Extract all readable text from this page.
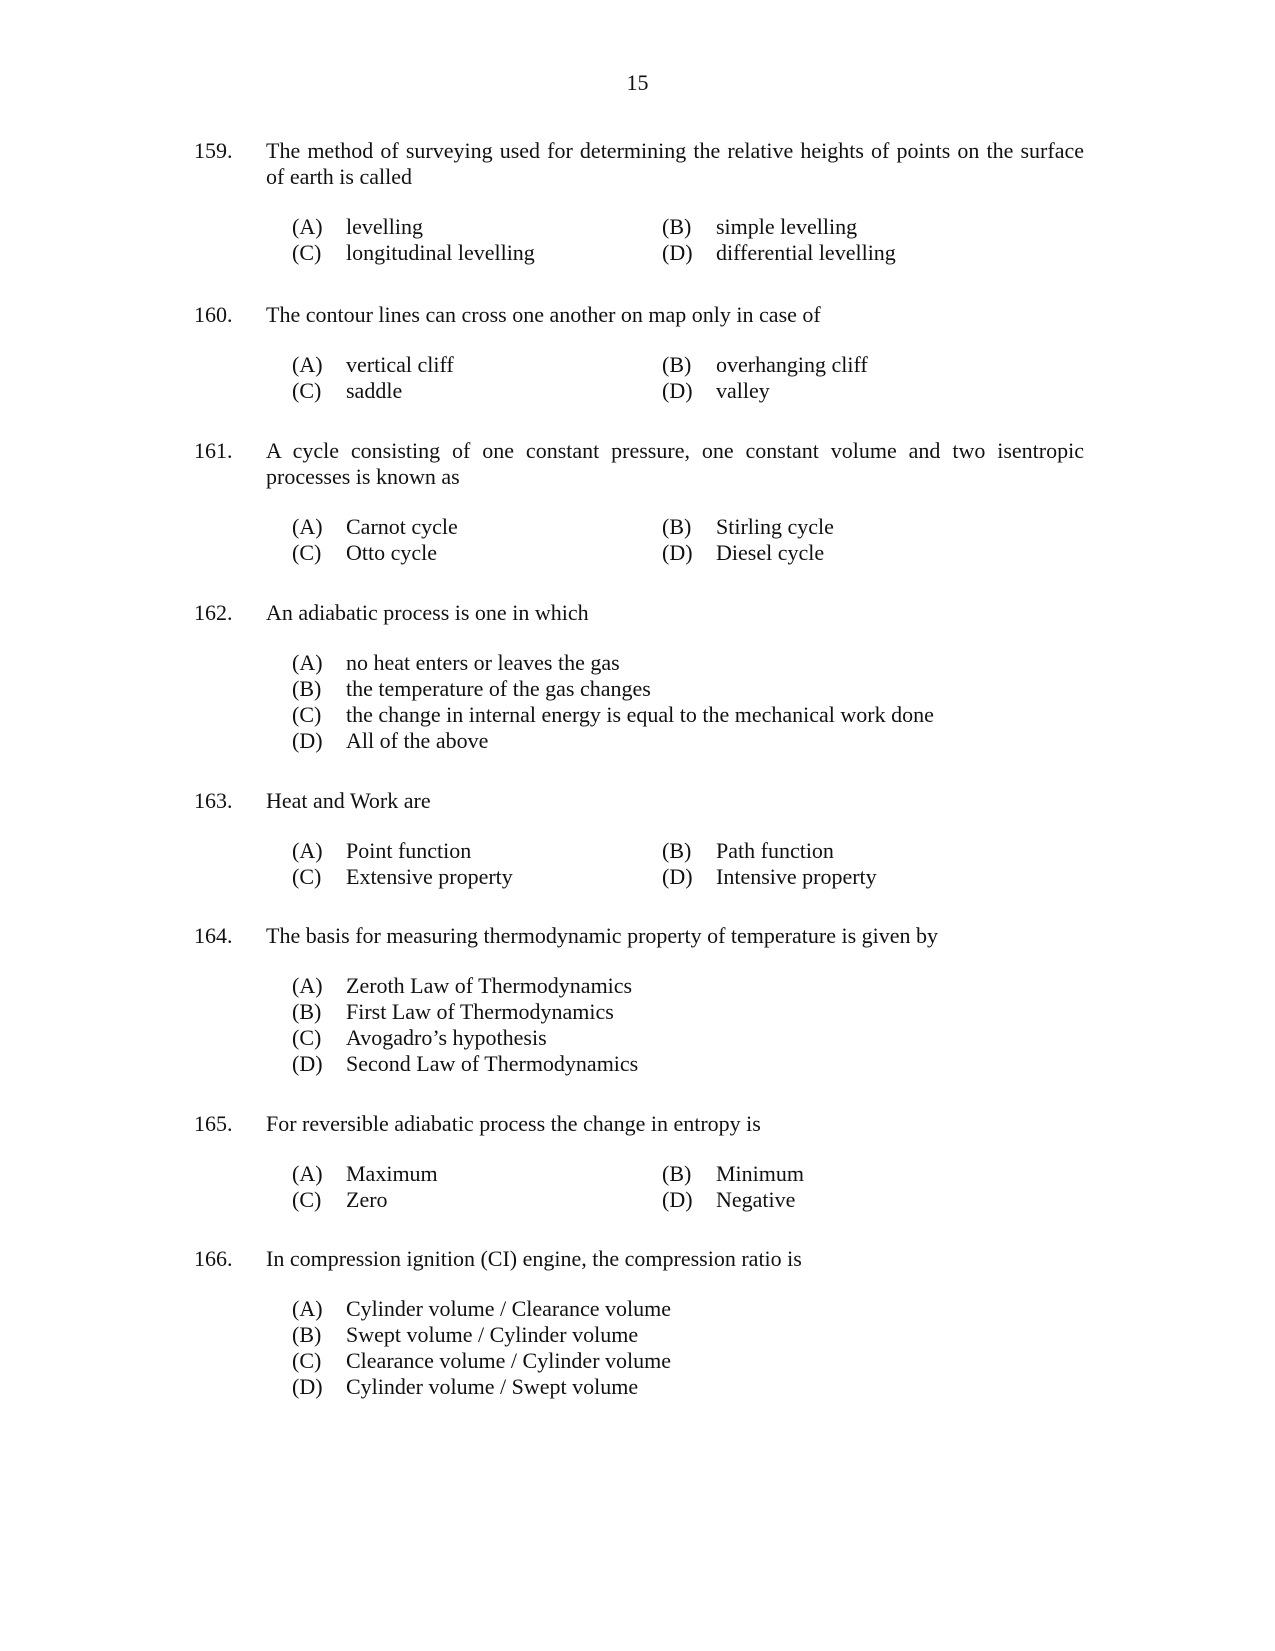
15
159. The method of surveying used for determining the relative heights of points on the surface of earth is called
(A)	levelling	(B)	simple levelling
(C)	longitudinal levelling	(D)	differential levelling
160. The contour lines can cross one another on map only in case of
(A)	vertical cliff	(B)	overhanging cliff
(C)	saddle	(D)	valley
161. A cycle consisting of one constant pressure, one constant volume and two isentropic processes is known as
(A)	Carnot cycle	(B)	Stirling cycle
(C)	Otto cycle	(D)	Diesel cycle
162. An adiabatic process is one in which
(A)	no heat enters or leaves the gas
(B)	the temperature of the gas changes
(C)	the change in internal energy is equal to the mechanical work done
(D)	All of the above
163. Heat and Work are
(A)	Point function	(B)	Path function
(C)	Extensive property	(D)	Intensive property
164. The basis for measuring thermodynamic property of temperature is given by
(A)	Zeroth Law of Thermodynamics
(B)	First Law of Thermodynamics
(C)	Avogadro’s hypothesis
(D)	Second Law of Thermodynamics
165. For reversible adiabatic process the change in entropy is
(A)	Maximum	(B)	Minimum
(C)	Zero	(D)	Negative
166. In compression ignition (CI) engine, the compression ratio is
(A)	Cylinder volume / Clearance volume
(B)	Swept volume / Cylinder volume
(C)	Clearance volume / Cylinder volume
(D)	Cylinder volume / Swept volume
